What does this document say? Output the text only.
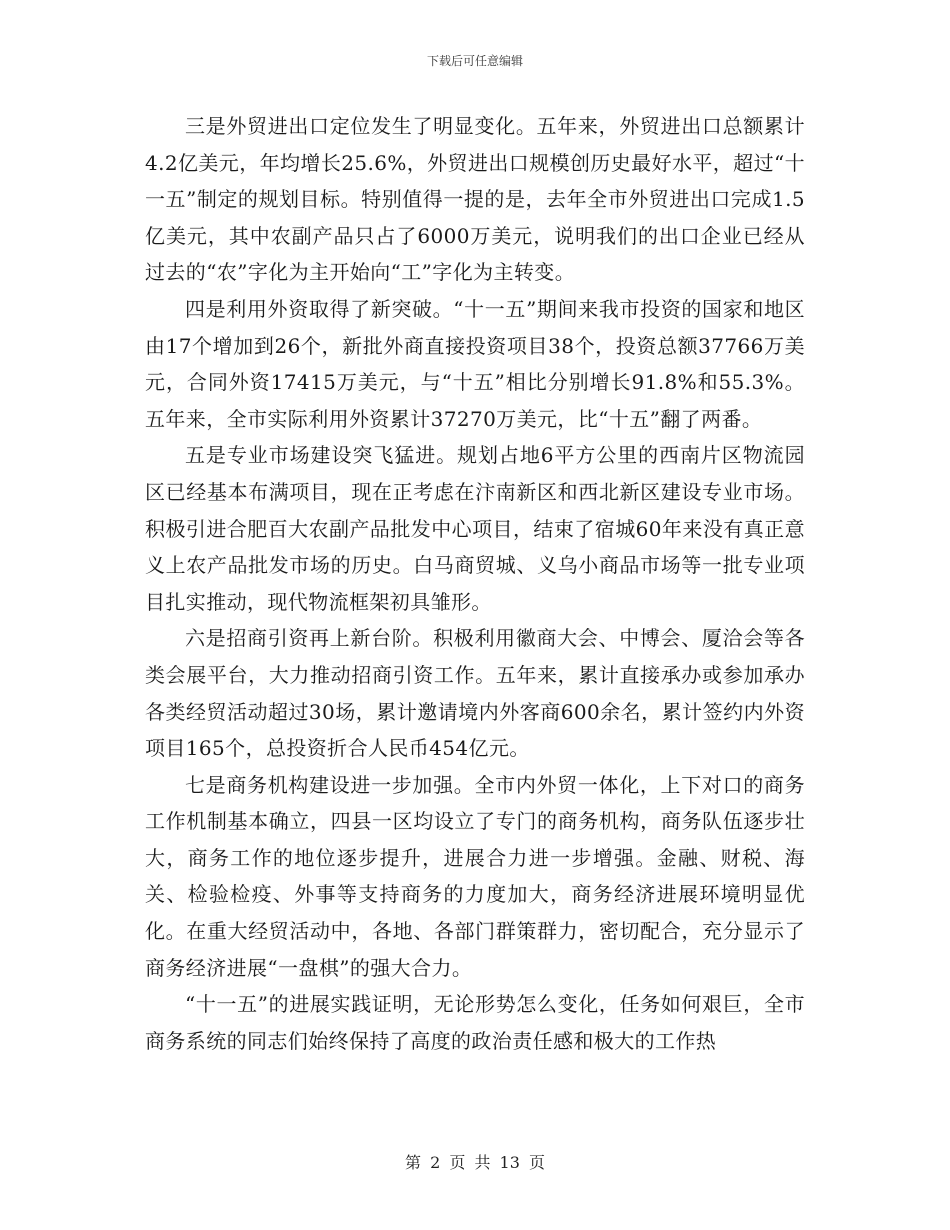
下载后可任意编辑

三是外贸进出口定位发生了明显变化。五年来，外贸进出口总额累计4.2亿美元，年均增长25.6%，外贸进出口规模创历史最好水平，超过“十一五”制定的规划目标。特别值得一提的是，去年全市外贸进出口完成1.5亿美元，其中农副产品只占了6000万美元，说明我们的出口企业已经从过去的“农”字化为主开始向“工”字化为主转变。

四是利用外资取得了新突破。“十一五”期间来我市投资的国家和地区由17个增加到26个，新批外商直接投资项目38个，投资总额37766万美元，合同外资17415万美元，与“十五”相比分别增长91.8%和55.3%。五年来，全市实际利用外资累计37270万美元，比“十五”翻了两番。

五是专业市场建设突飞猛进。规划占地6平方公里的西南片区物流园区已经基本布满项目，现在正考虑在汴南新区和西北新区建设专业市场。积极引进合肥百大农副产品批发中心项目，结束了宿城60年来没有真正意义上农产品批发市场的历史。白马商贸城、义乌小商品市场等一批专业项目扎实推动，现代物流框架初具雏形。

六是招商引资再上新台阶。积极利用徽商大会、中博会、厦洽会等各类会展平台，大力推动招商引资工作。五年来，累计直接承办或参加承办各类经贸活动超过30场，累计邀请境内外客商600余名，累计签约内外资项目165个，总投资折合人民币454亿元。

七是商务机构建设进一步加强。全市内外贸一体化，上下对口的商务工作机制基本确立，四县一区均设立了专门的商务机构，商务队伍逐步壮大，商务工作的地位逐步提升，进展合力进一步增强。金融、财税、海关、检验检疫、外事等支持商务的力度加大，商务经济进展环境明显优化。在重大经贸活动中，各地、各部门群策群力，密切配合，充分显示了商务经济进展“一盘棋”的强大合力。

“十一五”的进展实践证明，无论形势怎么变化，任务如何艰巨，全市商务系统的同志们始终保持了高度的政治责任感和极大的工作热

第 2 页 共 13 页
